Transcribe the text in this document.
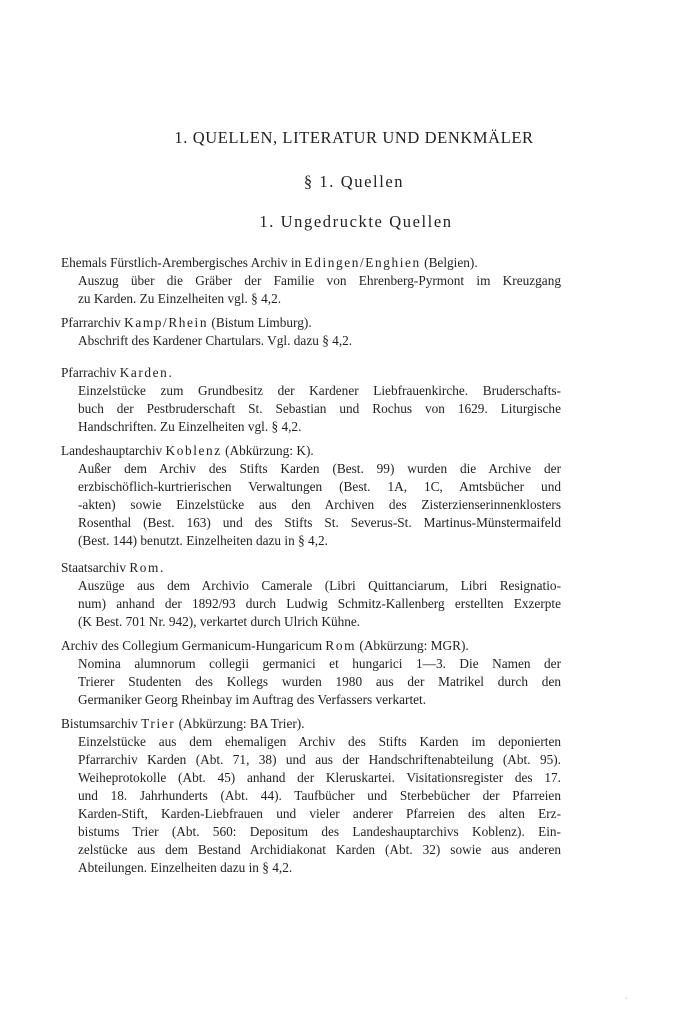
1. QUELLEN, LITERATUR UND DENKMÄLER
§ 1. Quellen
1. Ungedruckte Quellen
Ehemals Fürstlich-Arembergisches Archiv in Edingen/Enghien (Belgien).
Auszug über die Gräber der Familie von Ehrenberg-Pyrmont im Kreuzgang
zu Karden. Zu Einzelheiten vgl. § 4,2.
Pfarrarchiv Kamp/Rhein (Bistum Limburg).
Abschrift des Kardener Chartulars. Vgl. dazu § 4,2.
Pfarrachiv Karden.
Einzelstücke zum Grundbesitz der Kardener Liebfrauenkirche. Bruderschafts-
buch der Pestbruderschaft St. Sebastian und Rochus von 1629. Liturgische
Handschriften. Zu Einzelheiten vgl. § 4,2.
Landeshauptarchiv Koblenz (Abkürzung: K).
Außer dem Archiv des Stifts Karden (Best. 99) wurden die Archive der
erzbischöflich-kurtrierischen Verwaltungen (Best. 1A, 1C, Amtsbücher und
-akten) sowie Einzelstücke aus den Archiven des Zisterzienserinnenklosters
Rosenthal (Best. 163) und des Stifts St. Severus-St. Martinus-Münstermaifeld
(Best. 144) benutzt. Einzelheiten dazu in § 4,2.
Staatsarchiv Rom.
Auszüge aus dem Archivio Camerale (Libri Quittanciarum, Libri Resignatio-
num) anhand der 1892/93 durch Ludwig Schmitz-Kallenberg erstellten Exzerpte
(K Best. 701 Nr. 942), verkartet durch Ulrich Kühne.
Archiv des Collegium Germanicum-Hungaricum Rom (Abkürzung: MGR).
Nomina alumnorum collegii germanici et hungarici 1—3. Die Namen der
Trierer Studenten des Kollegs wurden 1980 aus der Matrikel durch den
Germaniker Georg Rheinbay im Auftrag des Verfassers verkartet.
Bistumsarchiv Trier (Abkürzung: BA Trier).
Einzelstücke aus dem ehemaligen Archiv des Stifts Karden im deponierten
Pfarrarchiv Karden (Abt. 71, 38) und aus der Handschriftenabteilung (Abt. 95).
Weiheprotokolle (Abt. 45) anhand der Kleruskartei. Visitationsregister des 17.
und 18. Jahrhunderts (Abt. 44). Taufbücher und Sterbebücher der Pfarreien
Karden-Stift, Karden-Liebfrauen und vieler anderer Pfarreien des alten Erz-
bistums Trier (Abt. 560: Depositum des Landeshauptarchivs Koblenz). Ein-
zelstücke aus dem Bestand Archidiakonat Karden (Abt. 32) sowie aus anderen
Abteilungen. Einzelheiten dazu in § 4,2.
ˎ
